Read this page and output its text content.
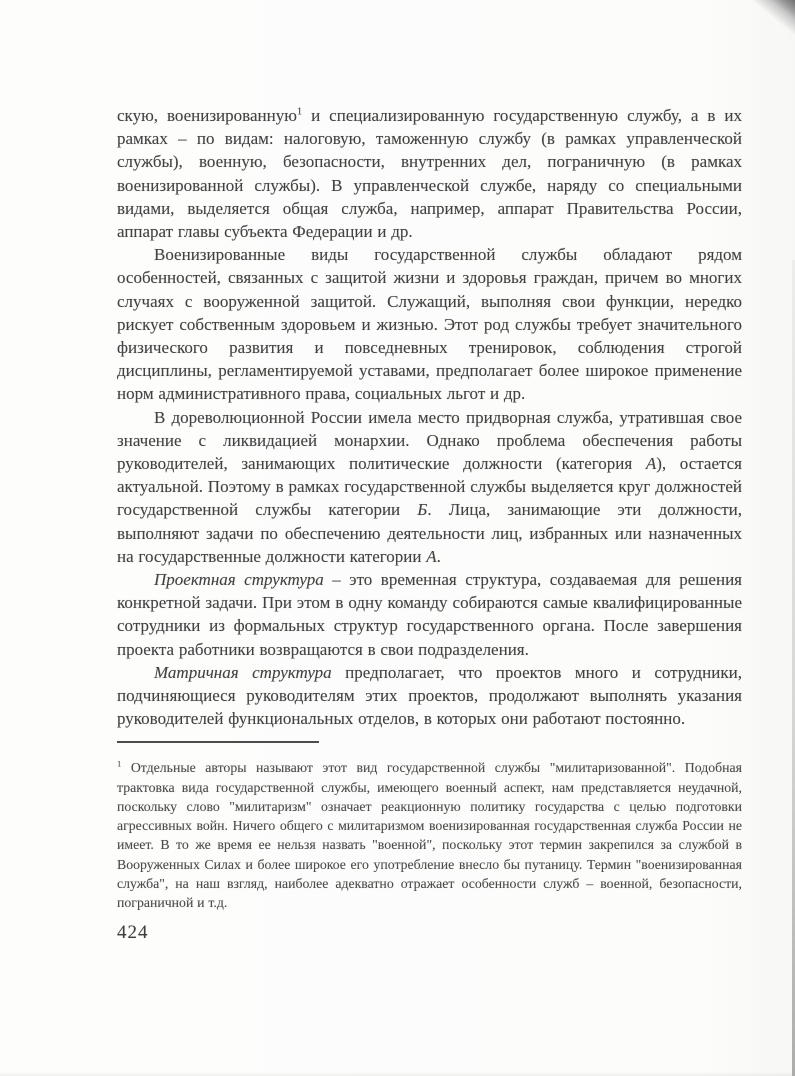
скую, военизированную$^1$ и специализированную государственную службу, а в их рамках – по видам: налоговую, таможенную службу (в рамках управленческой службы), военную, безопасности, внутренних дел, пограничную (в рамках военизированной службы). В управленческой службе, наряду со специальными видами, выделяется общая служба, например, аппарат Правительства России, аппарат главы субъекта Федерации и др.

Военизированные виды государственной службы обладают рядом особенностей, связанных с защитой жизни и здоровья граждан, причем во многих случаях с вооруженной защитой. Служащий, выполняя свои функции, нередко рискует собственным здоровьем и жизнью. Этот род службы требует значительного физического развития и повседневных тренировок, соблюдения строгой дисциплины, регламентируемой уставами, предполагает более широкое применение норм административного права, социальных льгот и др.

В дореволюционной России имела место придворная служба, утратившая свое значение с ликвидацией монархии. Однако проблема обеспечения работы руководителей, занимающих политические должности (категория А), остается актуальной. Поэтому в рамках государственной службы выделяется круг должностей государственной службы категории Б. Лица, занимающие эти должности, выполняют задачи по обеспечению деятельности лиц, избранных или назначенных на государственные должности категории А.

Проектная структура – это временная структура, создаваемая для решения конкретной задачи. При этом в одну команду собираются самые квалифицированные сотрудники из формальных структур государственного органа. После завершения проекта работники возвращаются в свои подразделения.

Матричная структура предполагает, что проектов много и сотрудники, подчиняющиеся руководителям этих проектов, продолжают выполнять указания руководителей функциональных отделов, в которых они работают постоянно.

$^1$ Отдельные авторы называют этот вид государственной службы "милитаризованной". Подобная трактовка вида государственной службы, имеющего военный аспект, нам представляется неудачной, поскольку слово "милитаризм" означает реакционную политику государства с целью подготовки агрессивных войн. Ничего общего с милитаризмом военизированная государственная служба России не имеет. В то же время ее нельзя назвать "военной", поскольку этот термин закрепился за службой в Вооруженных Силах и более широкое его употребление внесло бы путаницу. Термин "военизированная служба", на наш взгляд, наиболее адекватно отражает особенности служб – военной, безопасности, пограничной и т.д.

424
